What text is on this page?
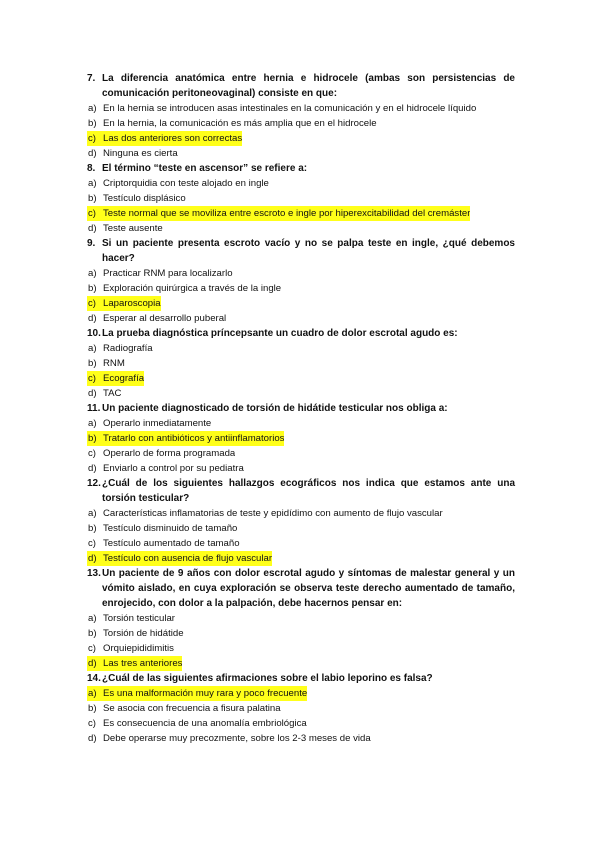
7. La diferencia anatómica entre hernia e hidrocele (ambas son persistencias de comunicación peritoneovaginal) consiste en que:
a) En la hernia se introducen asas intestinales en la comunicación y en el hidrocele líquido
b) En la hernia, la comunicación es más amplia que en el hidrocele
c) Las dos anteriores son correctas
d) Ninguna es cierta
8. El término “teste en ascensor” se refiere a:
a) Criptorquidia con teste alojado en ingle
b) Testículo displásico
c) Teste normal que se moviliza entre escroto e ingle por hiperexcitabilidad del cremáster
d) Teste ausente
9. Si un paciente presenta escroto vacío y no se palpa teste en ingle, ¿qué debemos hacer?
a) Practicar RNM para localizarlo
b) Exploración quirúrgica a través de la ingle
c) Laparoscopia
d) Esperar al desarrollo puberal
10. La prueba diagnóstica príncepsante un cuadro de dolor escrotal agudo es:
a) Radiografía
b) RNM
c) Ecografía
d) TAC
11. Un paciente diagnosticado de torsión de hidátide testicular nos obliga a:
a) Operarlo inmediatamente
b) Tratarlo con antibióticos y antiinflamatorios
c) Operarlo de forma programada
d) Enviarlo a control por su pediatra
12. ¿Cuál de los siguientes hallazgos ecográficos nos indica que estamos ante una torsión testicular?
a) Características inflamatorias de teste y epidídimo con aumento de flujo vascular
b) Testículo disminuido de tamaño
c) Testículo aumentado de tamaño
d) Testículo con ausencia de flujo vascular
13. Un paciente de 9 años con dolor escrotal agudo y síntomas de malestar general y un vómito aislado, en cuya exploración se observa teste derecho aumentado de tamaño, enrojecido, con dolor a la palpación, debe hacernos pensar en:
a) Torsión testicular
b) Torsión de hidátide
c) Orquiepididimitis
d) Las tres anteriores
14. ¿Cuál de las siguientes afirmaciones sobre el labio leporino es falsa?
a) Es una malformación muy rara y poco frecuente
b) Se asocia con frecuencia a fisura palatina
c) Es consecuencia de una anomalía embriológica
d) Debe operarse muy precozmente, sobre los 2-3 meses de vida
